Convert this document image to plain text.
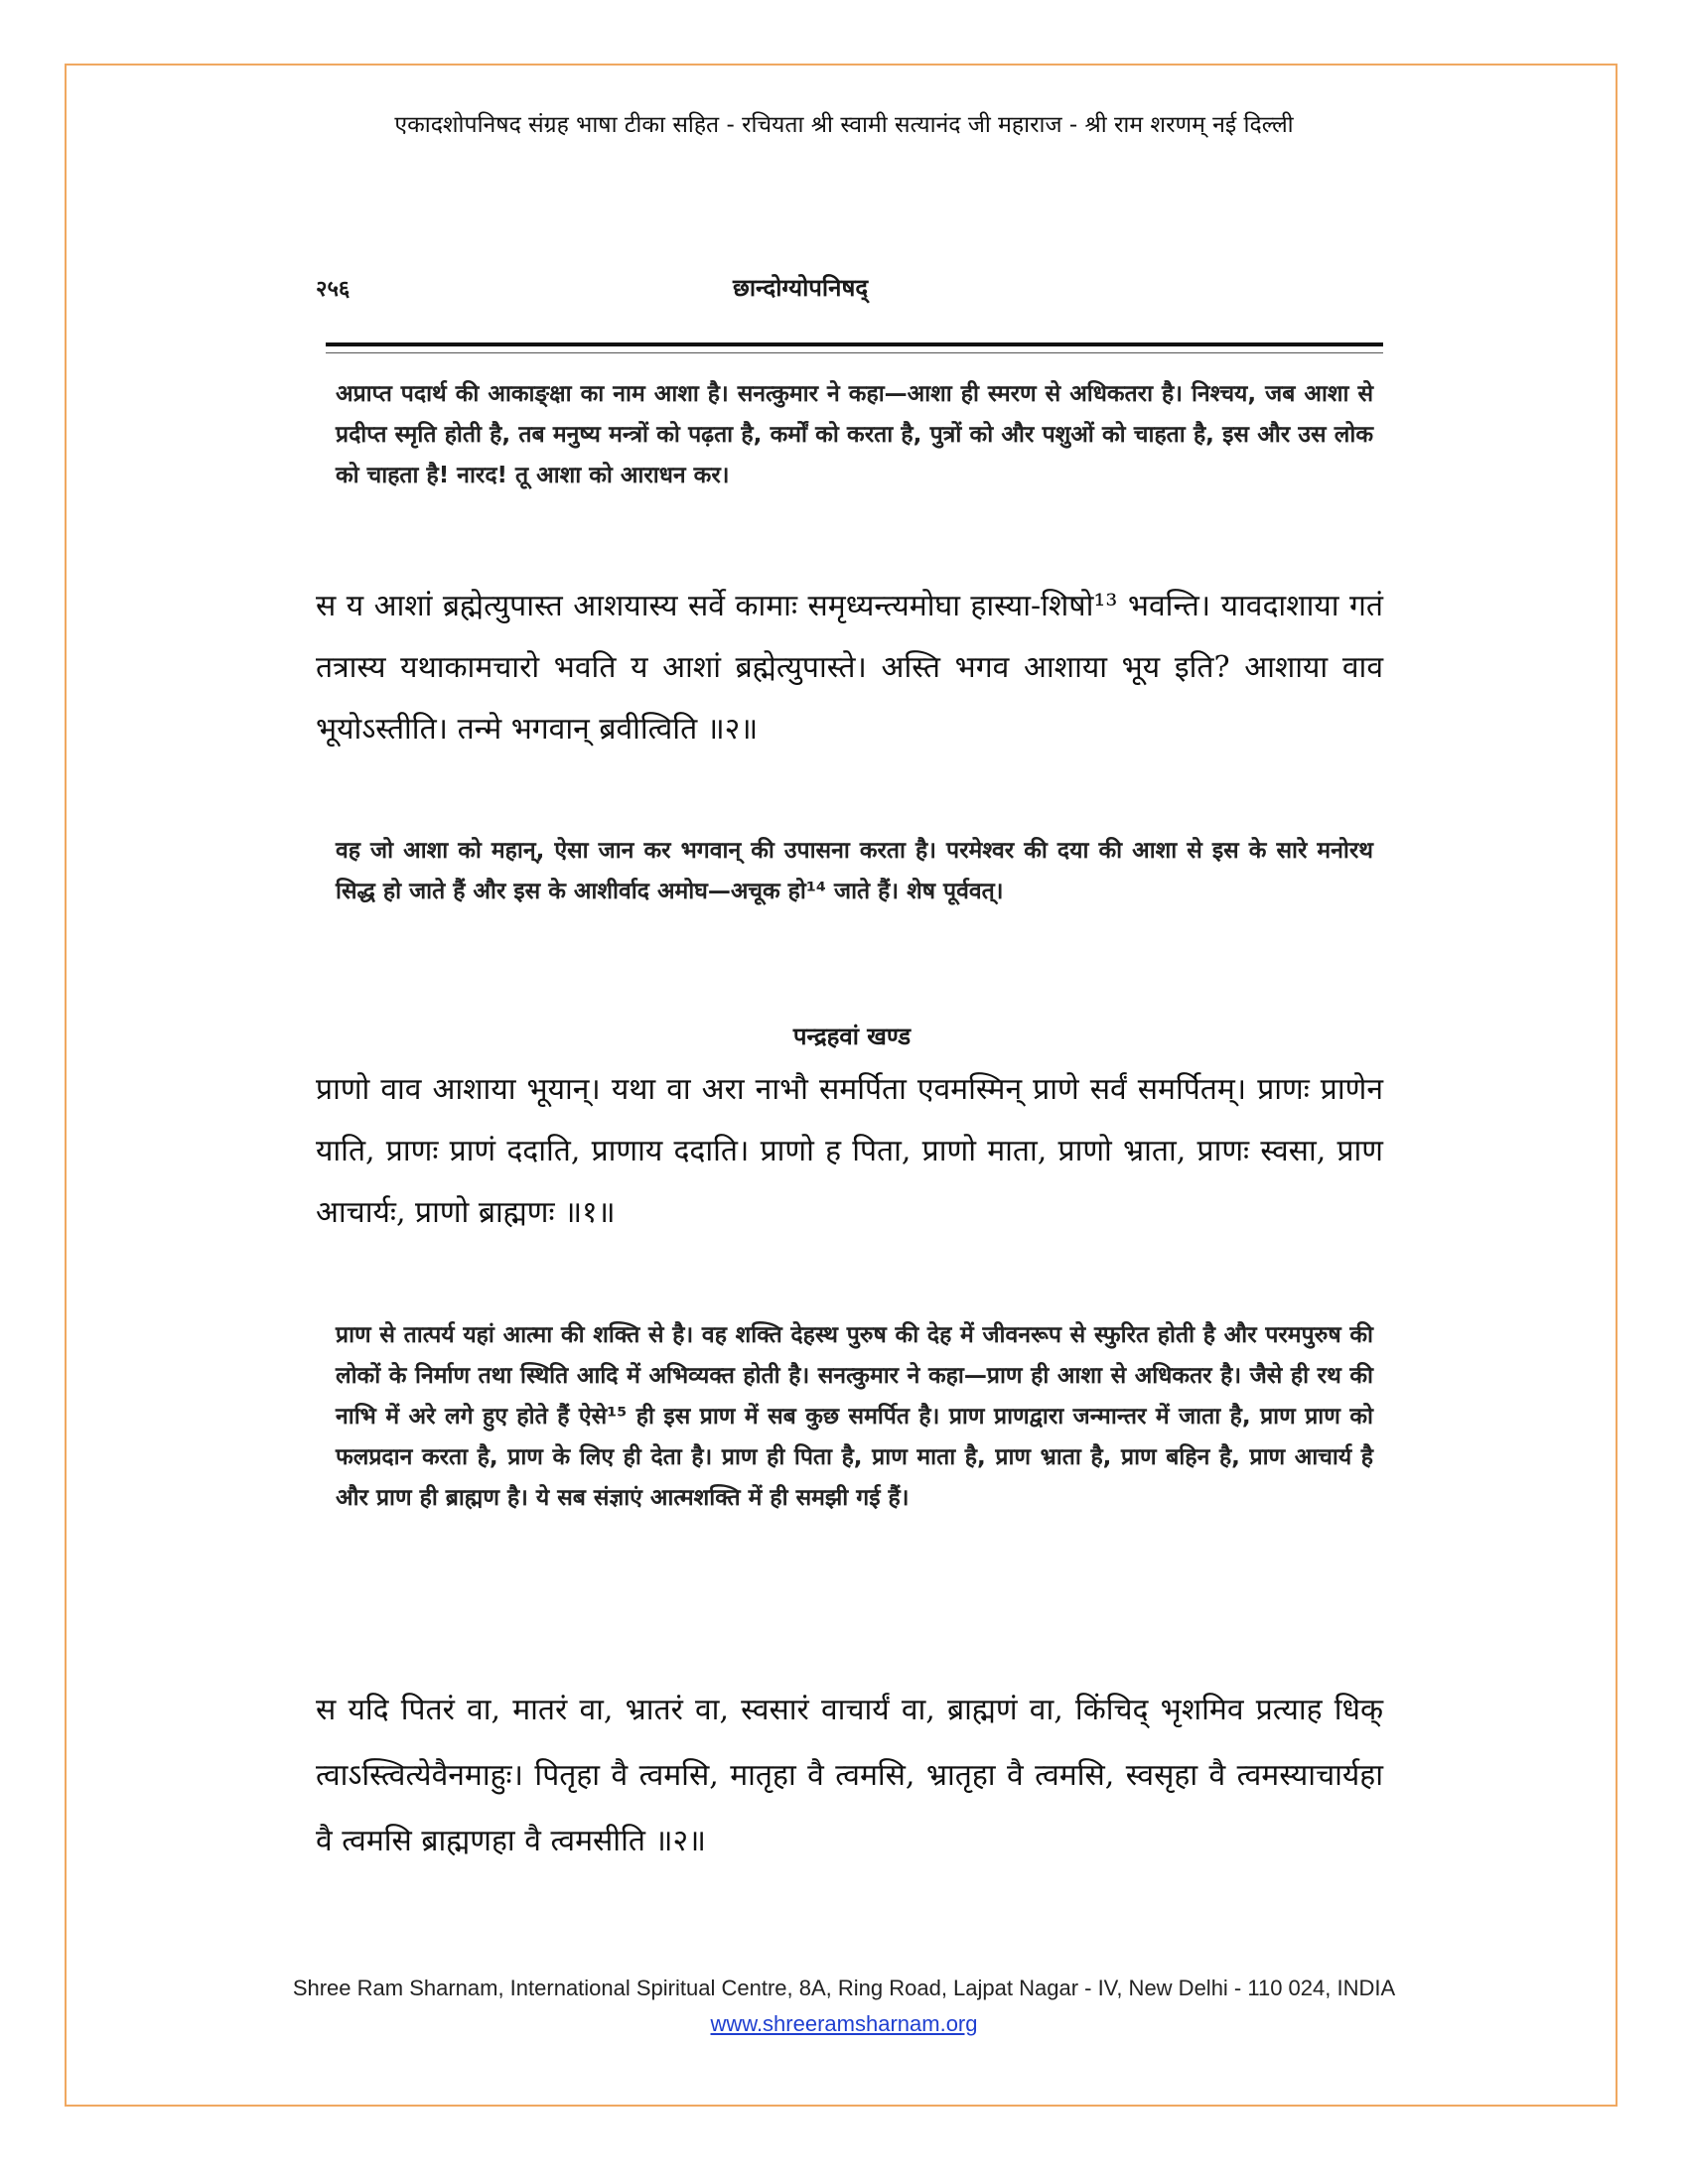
एकादशोपनिषद संग्रह भाषा टीका सहित - रचियता श्री स्वामी सत्यानंद जी महाराज - श्री राम शरणम् नई दिल्ली
२५६	छान्दोग्योपनिषद्
अप्राप्त पदार्थ की आकाङ्क्षा का नाम आशा है। सनत्कुमार ने कहा—आशा ही स्मरण से अधिकतरा है। निश्चय, जब आशा से प्रदीप्त स्मृति होती है, तब मनुष्य मन्त्रों को पढ़ता है, कर्मों को करता है, पुत्रों को और पशुओं को चाहता है, इस और उस लोक को चाहता है! नारद! तू आशा को आराधन कर।
स य आशां ब्रह्मेत्युपास्त आशयास्य सर्वे कामाः समृध्यन्त्यमोघा हास्या-शिषो¹³ भवन्ति। यावदाशाया गतं तत्रास्य यथाकामचारो भवति य आशां ब्रह्मेत्युपास्ते। अस्ति भगव आशाया भूय इति? आशाया वाव भूयोऽस्तीति। तन्मे भगवान् ब्रवीत्विति ॥२॥
वह जो आशा को महान्, ऐसा जान कर भगवान् की उपासना करता है। परमेश्वर की दया की आशा से इस के सारे मनोरथ सिद्ध हो जाते हैं और इस के आशीर्वाद अमोघ—अचूक हो¹⁴ जाते हैं। शेष पूर्ववत्।
पन्द्रहवां खण्ड
प्राणो वाव आशाया भूयान्। यथा वा अरा नाभौ समर्पिता एवमस्मिन् प्राणे सर्वं समर्पितम्। प्राणः प्राणेन याति, प्राणः प्राणं ददाति, प्राणाय ददाति। प्राणो ह पिता, प्राणो माता, प्राणो भ्राता, प्राणः स्वसा, प्राण आचार्यः, प्राणो ब्राह्मणः ॥१॥
प्राण से तात्पर्य यहां आत्मा की शक्ति से है। वह शक्ति देहस्थ पुरुष की देह में जीवनरूप से स्फुरित होती है और परमपुरुष की लोकों के निर्माण तथा स्थिति आदि में अभिव्यक्त होती है। सनत्कुमार ने कहा—प्राण ही आशा से अधिकतर है। जैसे ही रथ की नाभि में अरे लगे हुए होते हैं ऐसे¹⁵ ही इस प्राण में सब कुछ समर्पित है। प्राण प्राणद्वारा जन्मान्तर में जाता है, प्राण प्राण को फलप्रदान करता है, प्राण के लिए ही देता है। प्राण ही पिता है, प्राण माता है, प्राण भ्राता है, प्राण बहिन है, प्राण आचार्य है और प्राण ही ब्राह्मण है। ये सब संज्ञाएं आत्मशक्ति में ही समझी गई हैं।
स यदि पितरं वा, मातरं वा, भ्रातरं वा, स्वसारं वाचार्यं वा, ब्राह्मणं वा, किंचिद् भृशमिव प्रत्याह धिक् त्वाऽस्त्वित्येवैनमाहुः। पितृहा वै त्वमसि, मातृहा वै त्वमसि, भ्रातृहा वै त्वमसि, स्वसृहा वै त्वमस्याचार्यहा वै त्वमसि ब्राह्मणहा वै त्वमसीति ॥२॥
Shree Ram Sharnam, International Spiritual Centre, 8A, Ring Road, Lajpat Nagar - IV, New Delhi - 110 024, INDIA
www.shreeramsharnam.org
